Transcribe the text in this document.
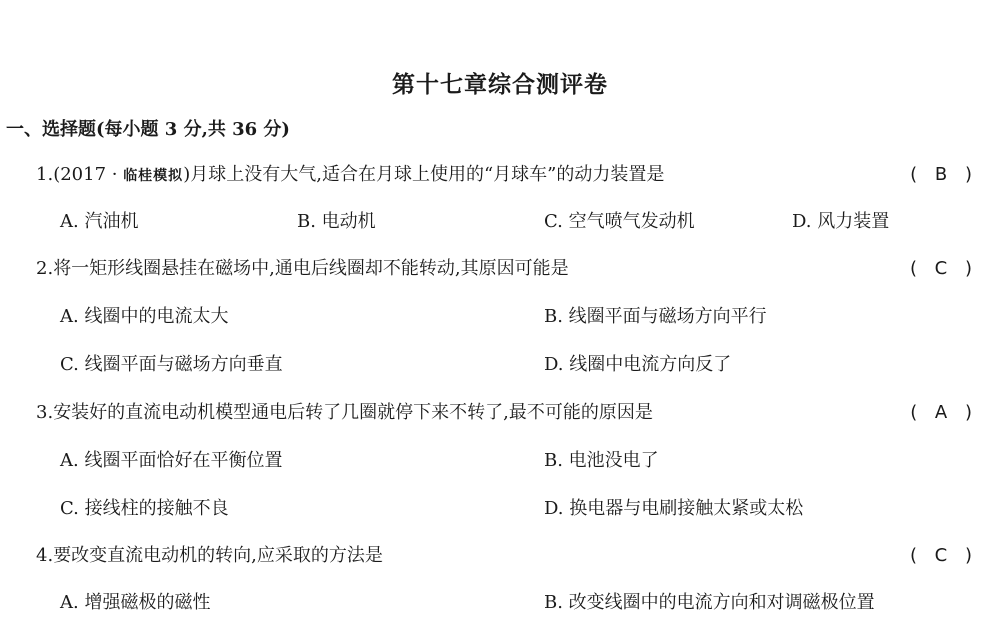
第十七章综合测评卷
一、选择题(每小题 3 分,共 36 分)
1.(2017 · 临桂模拟)月球上没有大气,适合在月球上使用的“月球车”的动力装置是	( B )
A. 汽油机	B. 电动机	C. 空气喷气发动机	D. 风力装置
2.将一矩形线圈悬挂在磁场中,通电后线圈却不能转动,其原因可能是	( C )
A. 线圈中的电流太大	B. 线圈平面与磁场方向平行
C. 线圈平面与磁场方向垂直	D. 线圈中电流方向反了
3.安装好的直流电动机模型通电后转了几圈就停下来不转了,最不可能的原因是	( A )
A. 线圈平面恰好在平衡位置	B. 电池没电了
C. 接线柱的接触不良	D. 换电器与电刷接触太紧或太松
4.要改变直流电动机的转向,应采取的方法是	( C )
A. 增强磁极的磁性	B. 改变线圈中的电流方向和对调磁极位置
